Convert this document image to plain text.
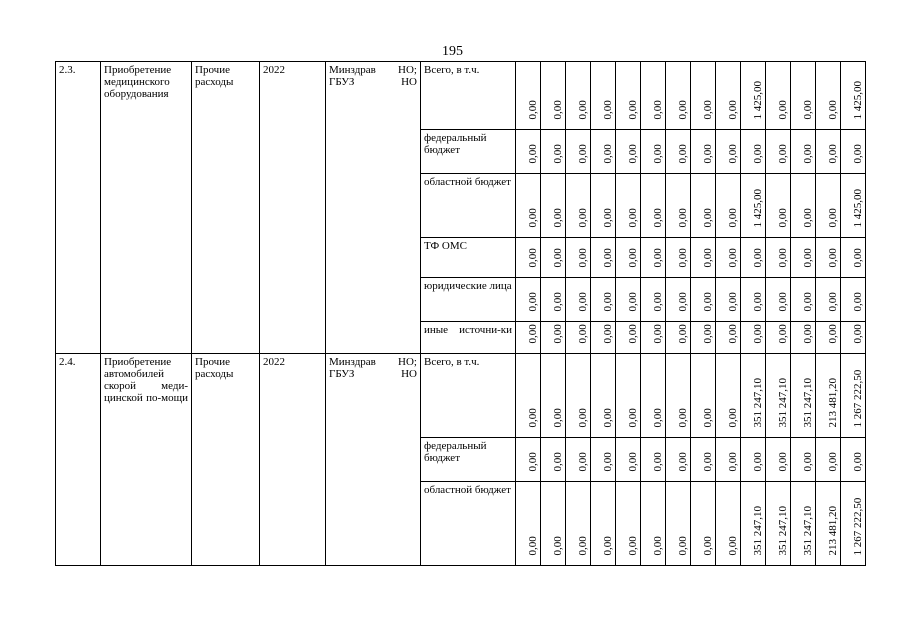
195
2.3.	Приобретение медицинского оборудования	Прочие расходы	2022	Минздрав НО; ГБУЗ НО	Всего, в т.ч.	0,00	0,00	0,00	0,00	0,00	0,00	0,00	0,00	0,00	1 425,00	0,00	0,00	0,00	1 425,00

					федеральный бюджет	0,00	0,00	0,00	0,00	0,00	0,00	0,00	0,00	0,00	0,00	0,00	0,00	0,00	0,00

					областной бюджет	0,00	0,00	0,00	0,00	0,00	0,00	0,00	0,00	0,00	1 425,00	0,00	0,00	0,00	1 425,00

					ТФ ОМС	0,00	0,00	0,00	0,00	0,00	0,00	0,00	0,00	0,00	0,00	0,00	0,00	0,00	0,00

					юридические лица	0,00	0,00	0,00	0,00	0,00	0,00	0,00	0,00	0,00	0,00	0,00	0,00	0,00	0,00

					иные источни-ки	0,00	0,00	0,00	0,00	0,00	0,00	0,00	0,00	0,00	0,00	0,00	0,00	0,00	0,00

2.4.	Приобретение автомобилей скорой меди-цинской по-мощи	Прочие расходы	2022	Минздрав НО; ГБУЗ НО	Всего, в т.ч.	0,00	0,00	0,00	0,00	0,00	0,00	0,00	0,00	0,00	351 247,10	351 247,10	351 247,10	213 481,20	1 267 222,50

					федеральный бюджет	0,00	0,00	0,00	0,00	0,00	0,00	0,00	0,00	0,00	0,00	0,00	0,00	0,00	0,00

					областной бюджет	0,00	0,00	0,00	0,00	0,00	0,00	0,00	0,00	0,00	351 247,10	351 247,10	351 247,10	213 481,20	1 267 222,50
